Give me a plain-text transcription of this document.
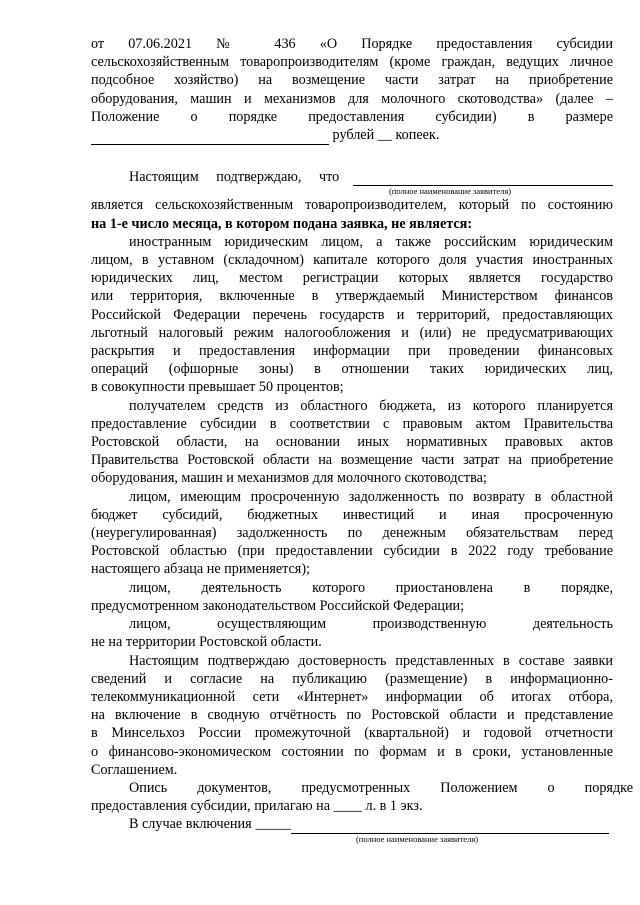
от 07.06.2021 № 436 «О Порядке предоставления субсидии

сельскохозяйственным товаропроизводителям (кроме граждан, ведущих личное

подсобное хозяйство) на возмещение части затрат на приобретение

оборудования, машин и механизмов для молочного скотоводства» (далее –

Положение о порядке предоставления субсидии) в размере

рублей __ копеек.

Настоящим подтверждаю, что

(полное наименование заявителя)

является сельскохозяйственным товаропроизводителем, который по состоянию

на 1-е число месяца, в котором подана заявка, не является:

иностранным юридическим лицом, а также российским юридическим

лицом, в уставном (складочном) капитале которого доля участия иностранных

юридических лиц, местом регистрации которых является государство

или территория, включенные в утверждаемый Министерством финансов

Российской Федерации перечень государств и территорий, предоставляющих

льготный налоговый режим налогообложения и (или) не предусматривающих

раскрытия и предоставления информации при проведении финансовых

операций (офшорные зоны) в отношении таких юридических лиц,

в совокупности превышает 50 процентов;

получателем средств из областного бюджета, из которого планируется

предоставление субсидии в соответствии с правовым актом Правительства

Ростовской области, на основании иных нормативных правовых актов

Правительства Ростовской области на возмещение части затрат на приобретение

оборудования, машин и механизмов для молочного скотоводства;

лицом, имеющим просроченную задолженность по возврату в областной

бюджет субсидий, бюджетных инвестиций и иная просроченную

(неурегулированная) задолженность по денежным обязательствам перед

Ростовской областью (при предоставлении субсидии в 2022 году требование

настоящего абзаца не применяется);

лицом, деятельность которого приостановлена в порядке,

предусмотренном законодательством Российской Федерации;

лицом, осуществляющим производственную деятельность

не на территории Ростовской области.

Настоящим подтверждаю достоверность представленных в составе заявки

сведений и согласие на публикацию (размещение) в информационно-

телекоммуникационной сети «Интернет» информации об итогах отбора,

на включение в сводную отчётность по Ростовской области и представление

в Минсельхоз России промежуточной (квартальной) и годовой отчетности

о финансово-экономическом состоянии по формам и в сроки, установленные

Соглашением.

Опись документов, предусмотренных Положением о порядке

предоставления субсидии, прилагаю на ____ л. в 1 экз.

В случае включения _____

(полное наименование заявителя)
